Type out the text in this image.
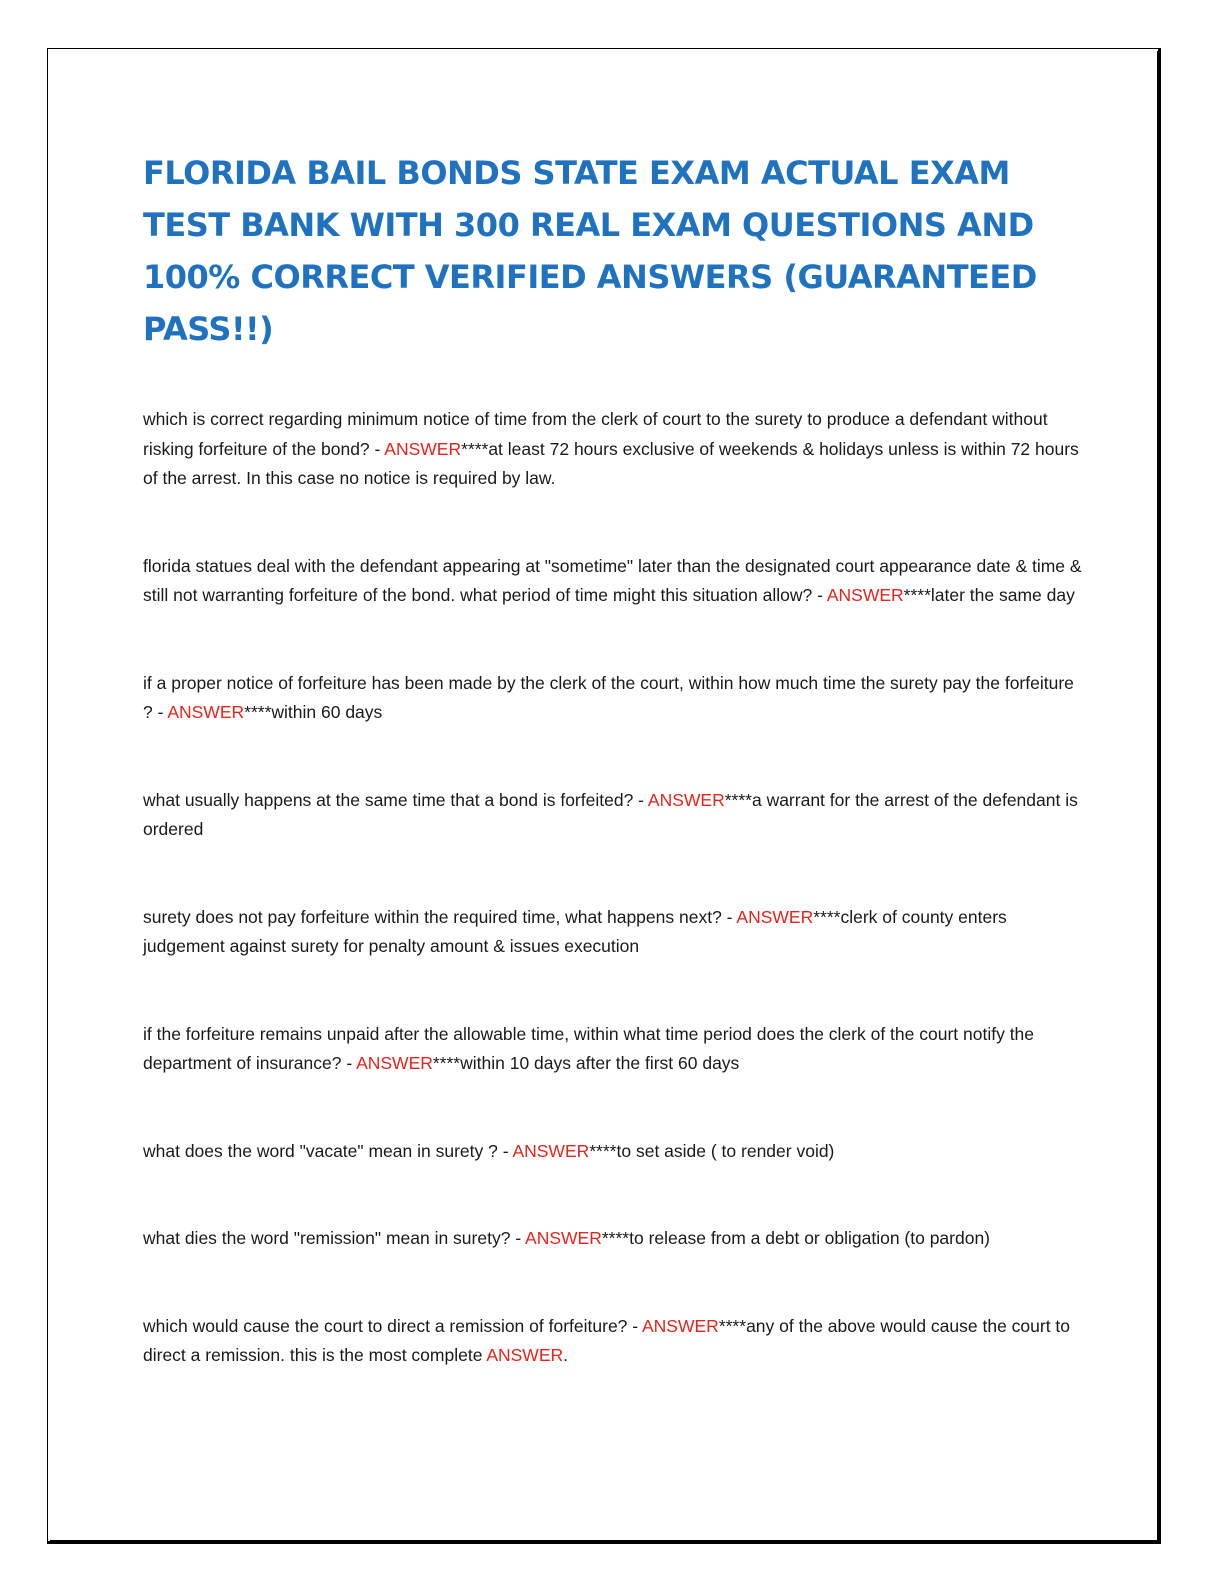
FLORIDA BAIL BONDS STATE EXAM ACTUAL EXAM TEST BANK WITH 300 REAL EXAM QUESTIONS AND 100% CORRECT VERIFIED ANSWERS (GUARANTEED PASS!!)

which is correct regarding minimum notice of time from the clerk of court to the surety to produce a defendant without risking forfeiture of the bond? - ANSWER****at least 72 hours exclusive of weekends & holidays unless is within 72 hours of the arrest. In this case no notice is required by law.

florida statues deal with the defendant appearing at "sometime" later than the designated court appearance date & time & still not warranting forfeiture of the bond. what period of time might this situation allow? - ANSWER****later the same day

if a proper notice of forfeiture has been made by the clerk of the court, within how much time the surety pay the forfeiture ? - ANSWER****within 60 days

what usually happens at the same time that a bond is forfeited? - ANSWER****a warrant for the arrest of the defendant is ordered

surety does not pay forfeiture within the required time, what happens next? - ANSWER****clerk of county enters judgement against surety for penalty amount & issues execution

if the forfeiture remains unpaid after the allowable time, within what time period does the clerk of the court notify the department of insurance? - ANSWER****within 10 days after the first 60 days

what does the word "vacate" mean in surety ? - ANSWER****to set aside ( to render void)

what dies the word "remission" mean in surety? - ANSWER****to release from a debt or obligation (to pardon)

which would cause the court to direct a remission of forfeiture? - ANSWER****any of the above would cause the court to direct a remission. this is the most complete ANSWER.
